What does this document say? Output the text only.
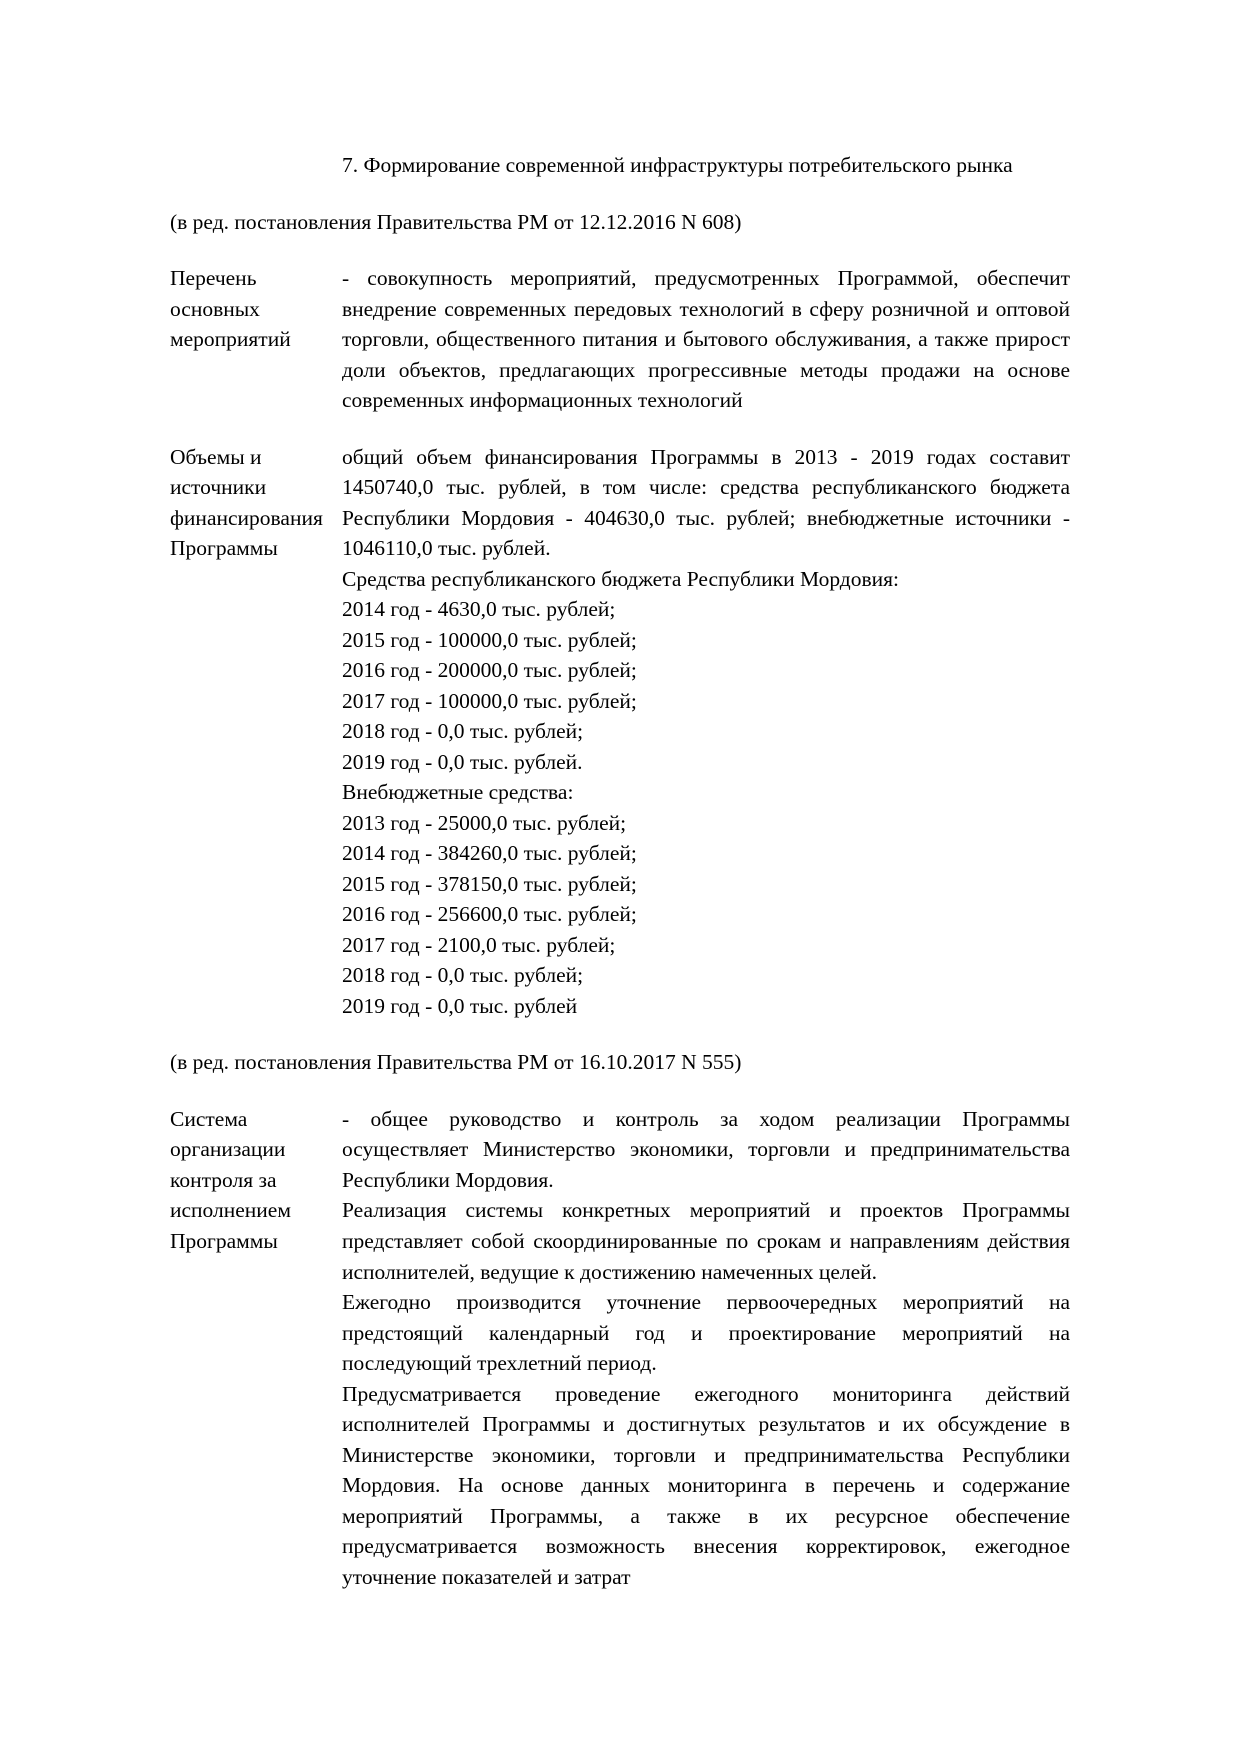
7. Формирование современной инфраструктуры потребительского рынка

(в ред. постановления Правительства РМ от 12.12.2016 N 608)

Перечень
основных
мероприятий

- совокупность мероприятий, предусмотренных Программой, обеспечит внедрение современных передовых технологий в сферу розничной и оптовой торговли, общественного питания и бытового обслуживания, а также прирост доли объектов, предлагающих прогрессивные методы продажи на основе современных информационных технологий

Объемы и
источники
финансирования
Программы

общий объем финансирования Программы в 2013 - 2019 годах составит 1450740,0 тыс. рублей, в том числе: средства республиканского бюджета Республики Мордовия - 404630,0 тыс. рублей; внебюджетные источники - 1046110,0 тыс. рублей.

Средства республиканского бюджета Республики Мордовия:

2014 год - 4630,0 тыс. рублей;

2015 год - 100000,0 тыс. рублей;

2016 год - 200000,0 тыс. рублей;

2017 год - 100000,0 тыс. рублей;

2018 год - 0,0 тыс. рублей;

2019 год - 0,0 тыс. рублей.

Внебюджетные средства:

2013 год - 25000,0 тыс. рублей;

2014 год - 384260,0 тыс. рублей;

2015 год - 378150,0 тыс. рублей;

2016 год - 256600,0 тыс. рублей;

2017 год - 2100,0 тыс. рублей;

2018 год - 0,0 тыс. рублей;

2019 год - 0,0 тыс. рублей

(в ред. постановления Правительства РМ от 16.10.2017 N 555)

Система
организации
контроля за
исполнением
Программы

- общее руководство и контроль за ходом реализации Программы осуществляет Министерство экономики, торговли и предпринимательства Республики Мордовия.

Реализация системы конкретных мероприятий и проектов Программы представляет собой скоординированные по срокам и направлениям действия исполнителей, ведущие к достижению намеченных целей.

Ежегодно производится уточнение первоочередных мероприятий на предстоящий календарный год и проектирование мероприятий на последующий трехлетний период.

Предусматривается проведение ежегодного мониторинга действий исполнителей Программы и достигнутых результатов и их обсуждение в Министерстве экономики, торговли и предпринимательства Республики Мордовия. На основе данных мониторинга в перечень и содержание мероприятий Программы, а также в их ресурсное обеспечение предусматривается возможность внесения корректировок, ежегодное уточнение показателей и затрат
